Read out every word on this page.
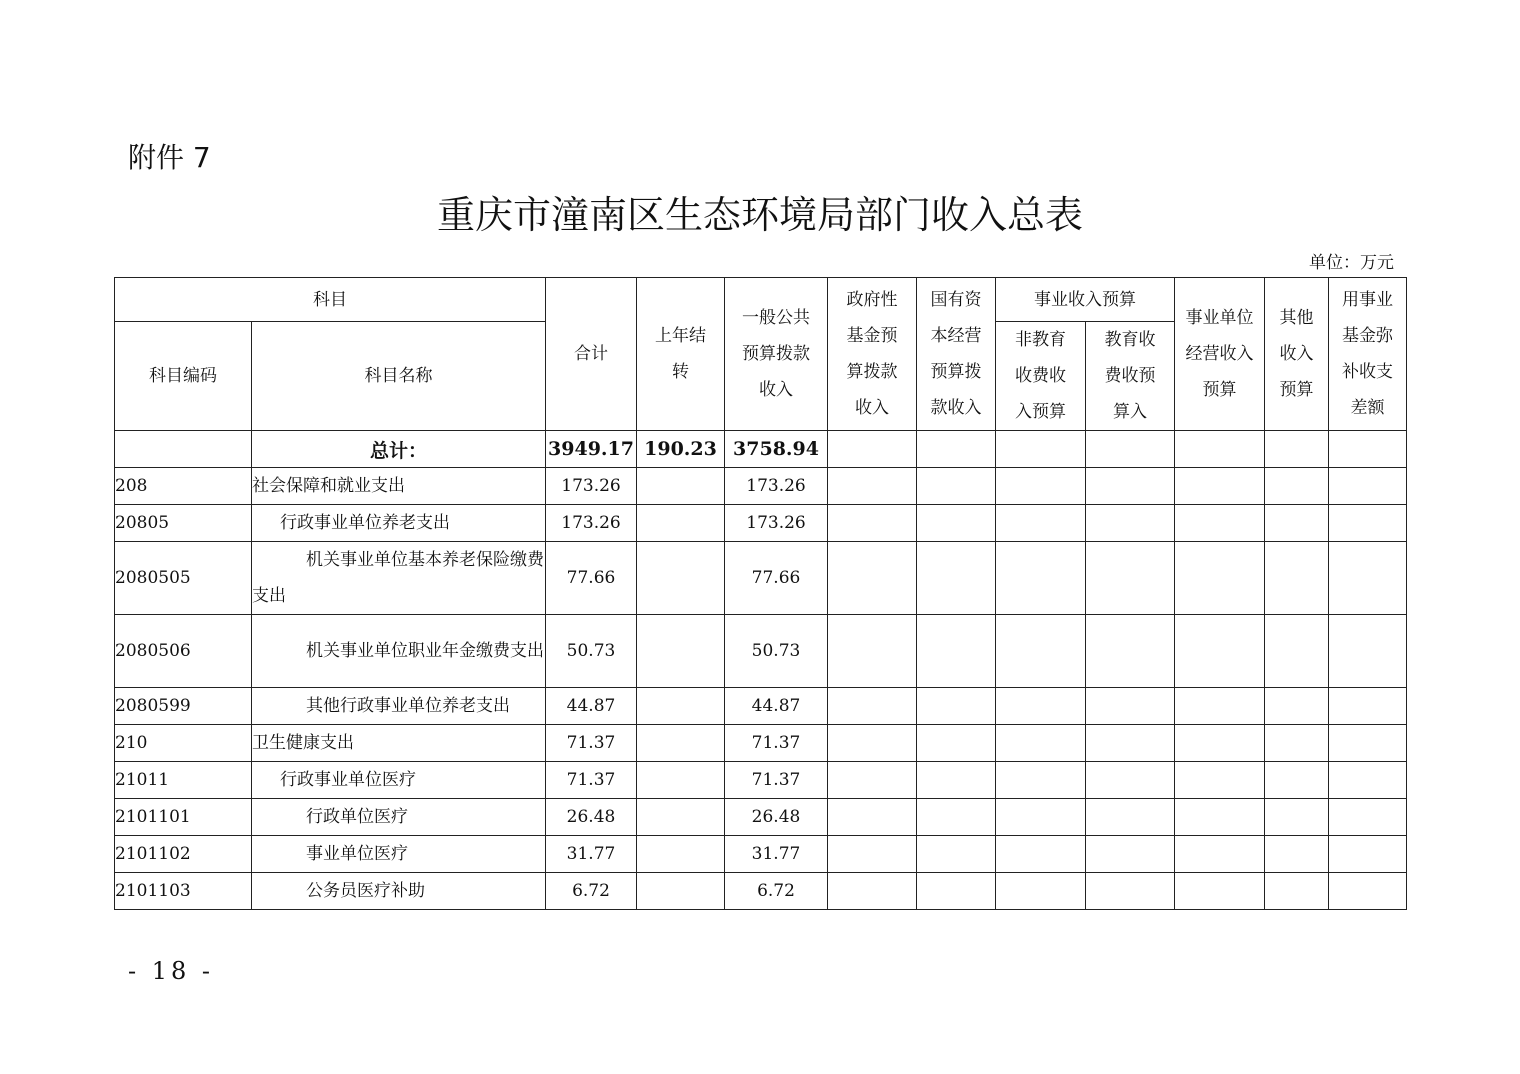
附件 7
重庆市潼南区生态环境局部门收入总表
单位：万元
科目		合计	上年结转	一般公共预算拨款收入	政府性基金预算拨款收入	国有资本经营预算拨款收入	事业收入预算		事业单位经营收入预算	其他收入预算	用事业基金弥补收支差额

科目编码	科目名称						非教育收费收入预算	教育收费收预算入			

	总计：	3949.17	190.23	3758.94							
208	社会保障和就业支出	173.26		173.26							
20805	行政事业单位养老支出	173.26		173.26							
2080505	机关事业单位基本养老保险缴费支出	77.66		77.66							
2080506	机关事业单位职业年金缴费支出	50.73		50.73							
2080599	其他行政事业单位养老支出	44.87		44.87							
210	卫生健康支出	71.37		71.37							
21011	行政事业单位医疗	71.37		71.37							
2101101	行政单位医疗	26.48		26.48							
2101102	事业单位医疗	31.77		31.77							
2101103	公务员医疗补助	6.72		6.72							
- 18 -
